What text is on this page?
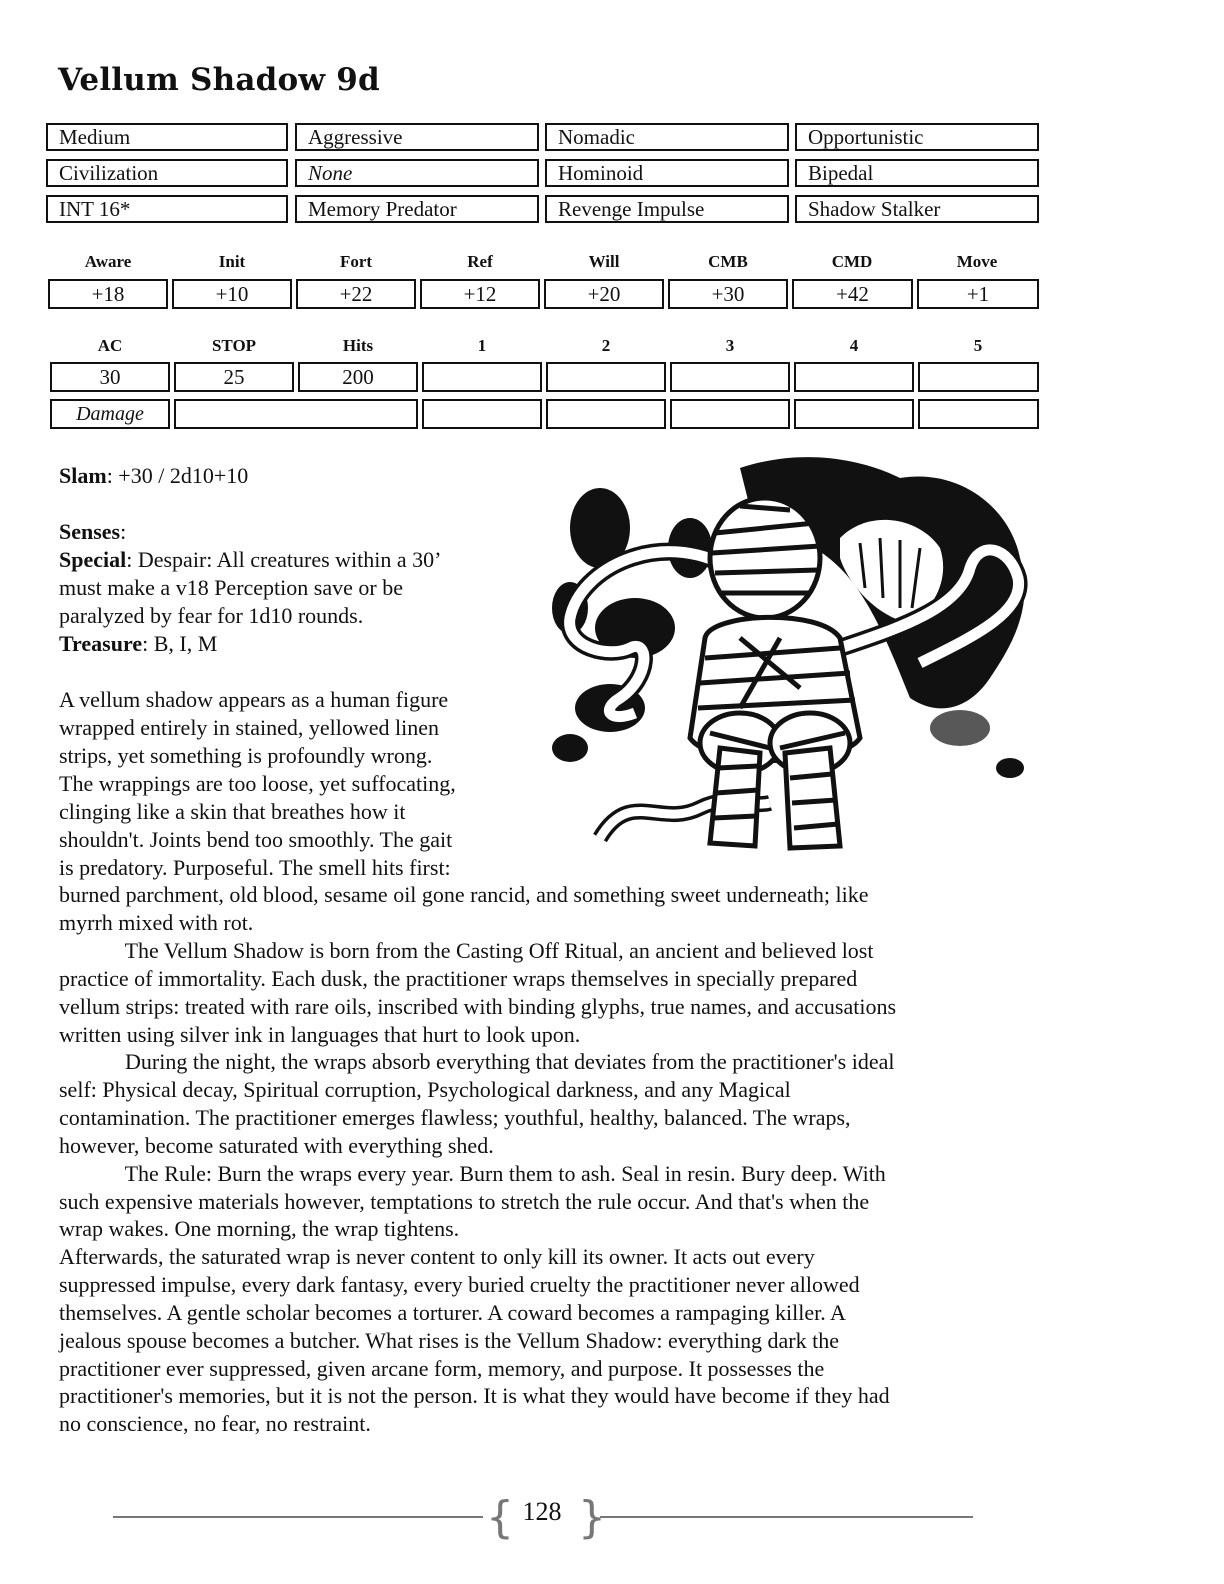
Vellum Shadow 9d
Medium	Aggressive	Nomadic	Opportunistic
Civilization	None	Hominoid	Bipedal
INT 16*	Memory Predator	Revenge Impulse	Shadow Stalker
Aware	Init	Fort	Ref	Will	CMB	CMD	Move
+18	+10	+22	+12	+20	+30	+42	+1
AC	STOP	Hits	1	2	3	4	5
30	25	200
Damage
Slam: +30 / 2d10+10
Senses:
Special: Despair: All creatures within a 30’
must make a v18 Perception save or be
paralyzed by fear for 1d10 rounds.
Treasure: B, I, M
A vellum shadow appears as a human figure
wrapped entirely in stained, yellowed linen
strips, yet something is profoundly wrong.
The wrappings are too loose, yet suffocating,
clinging like a skin that breathes how it
shouldn't. Joints bend too smoothly. The gait
is predatory. Purposeful. The smell hits first:
burned parchment, old blood, sesame oil gone rancid, and something sweet underneath; like
myrrh mixed with rot.
The Vellum Shadow is born from the Casting Off Ritual, an ancient and believed lost
practice of immortality. Each dusk, the practitioner wraps themselves in specially prepared
vellum strips: treated with rare oils, inscribed with binding glyphs, true names, and accusations
written using silver ink in languages that hurt to look upon.
During the night, the wraps absorb everything that deviates from the practitioner's ideal
self: Physical decay, Spiritual corruption, Psychological darkness, and any Magical
contamination. The practitioner emerges flawless; youthful, healthy, balanced. The wraps,
however, become saturated with everything shed.
The Rule: Burn the wraps every year. Burn them to ash. Seal in resin. Bury deep. With
such expensive materials however, temptations to stretch the rule occur. And that's when the
wrap wakes. One morning, the wrap tightens.
Afterwards, the saturated wrap is never content to only kill its owner. It acts out every
suppressed impulse, every dark fantasy, every buried cruelty the practitioner never allowed
themselves. A gentle scholar becomes a torturer. A coward becomes a rampaging killer. A
jealous spouse becomes a butcher. What rises is the Vellum Shadow: everything dark the
practitioner ever suppressed, given arcane form, memory, and purpose. It possesses the
practitioner's memories, but it is not the person. It is what they would have become if they had
no conscience, no fear, no restraint.
{ }
128
